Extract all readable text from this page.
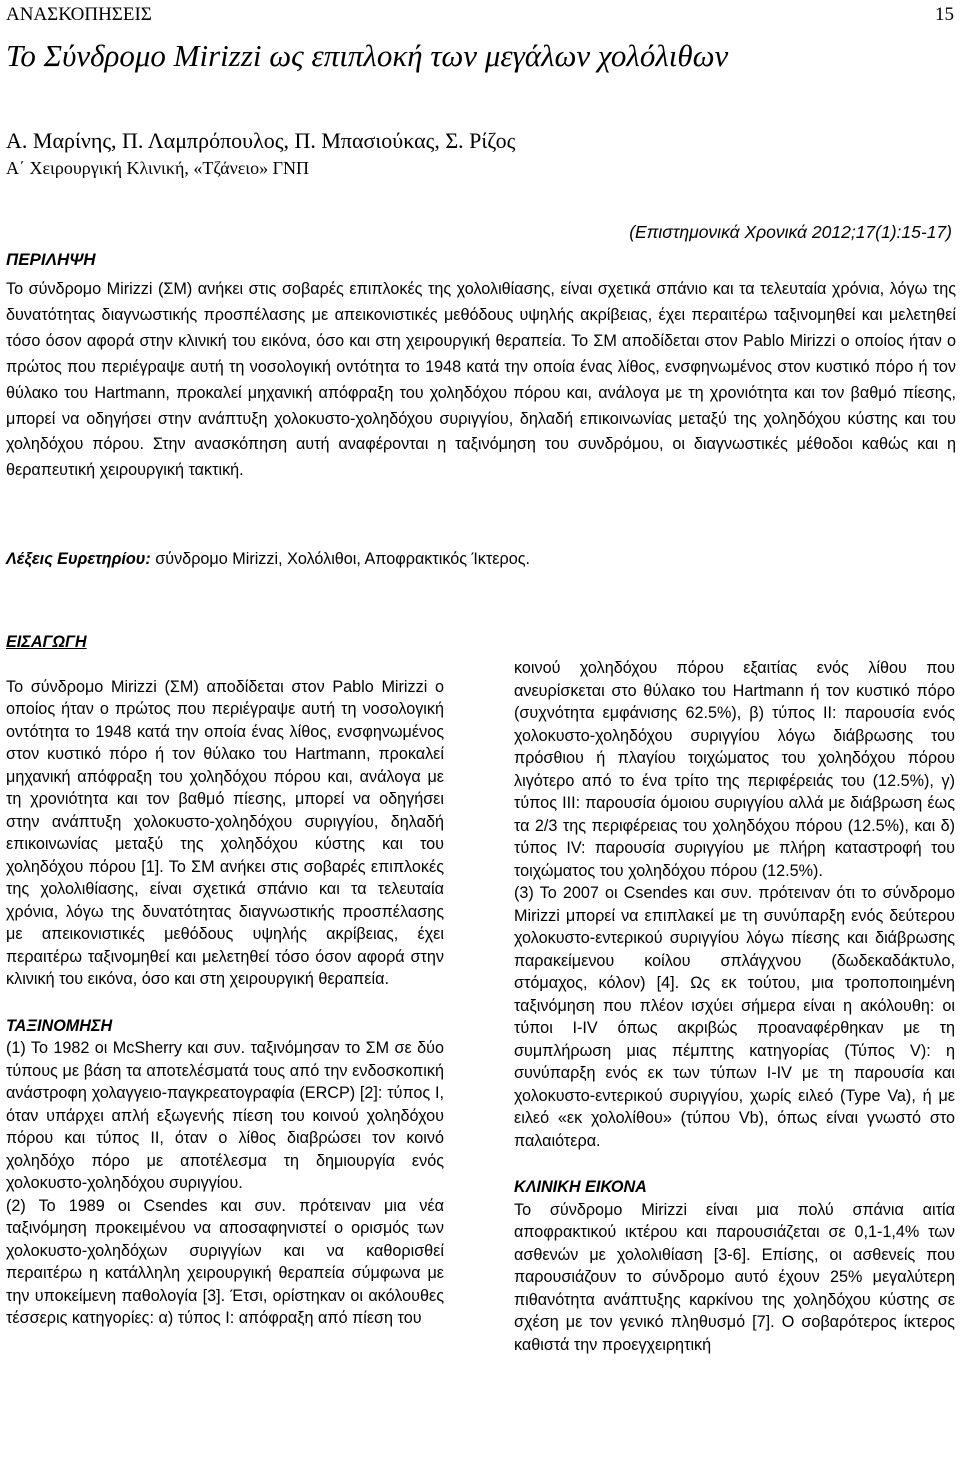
ΑΝΑΣΚΟΠΗΣΕΙΣ	15
Το Σύνδρομο Mirizzi ως επιπλοκή των μεγάλων χολόλιθων
Α. Μαρίνης, Π. Λαμπρόπουλος, Π. Μπασιούκας, Σ. Ρίζος
Α΄ Χειρουργική Κλινική, «Τζάνειο» ΓΝΠ
(Επιστημονικά Χρονικά 2012;17(1):15-17)
ΠΕΡΙΛΗΨΗ
Το σύνδρομο Mirizzi (ΣΜ) ανήκει στις σοβαρές επιπλοκές της χολολιθίασης, είναι σχετικά σπάνιο και τα τελευταία χρόνια, λόγω της δυνατότητας διαγνωστικής προσπέλασης με απεικονιστικές μεθόδους υψηλής ακρίβειας, έχει περαιτέρω ταξινομηθεί και μελετηθεί τόσο όσον αφορά στην κλινική του εικόνα, όσο και στη χειρουργική θεραπεία. Το ΣΜ αποδίδεται στον Pablo Mirizzi ο οποίος ήταν ο πρώτος που περιέγραψε αυτή τη νοσολογική οντότητα το 1948 κατά την οποία ένας λίθος, ενσφηνωμένος στον κυστικό πόρο ή τον θύλακο του Hartmann, προκαλεί μηχανική απόφραξη του χοληδόχου πόρου και, ανάλογα με τη χρονιότητα και τον βαθμό πίεσης, μπορεί να οδηγήσει στην ανάπτυξη χολοκυστο-χοληδόχου συριγγίου, δηλαδή επικοινωνίας μεταξύ της χοληδόχου κύστης και του χοληδόχου πόρου. Στην ανασκόπηση αυτή αναφέρονται η ταξινόμηση του συνδρόμου, οι διαγνωστικές μέθοδοι καθώς και η θεραπευτική χειρουργική τακτική.
Λέξεις Ευρετηρίου: σύνδρομο Mirizzi, Χολόλιθοι, Αποφρακτικός Ίκτερος.

ΕΙΣΑΓΩΓΗ

Το σύνδρομο Mirizzi (ΣΜ) αποδίδεται στον Pablo Mirizzi ο οποίος ήταν ο πρώτος που περιέγραψε αυτή τη νοσολογική οντότητα το 1948 κατά την οποία ένας λίθος, ενσφηνωμένος στον κυστικό πόρο ή τον θύλακο του Hartmann, προκαλεί μηχανική απόφραξη του χοληδόχου πόρου και, ανάλογα με τη χρονιότητα και τον βαθμό πίεσης, μπορεί να οδηγήσει στην ανάπτυξη χολοκυστο-χοληδόχου συριγγίου, δηλαδή επικοινωνίας μεταξύ της χοληδόχου κύστης και του χοληδόχου πόρου [1]. Το ΣΜ ανήκει στις σοβαρές επιπλοκές της χολολιθίασης, είναι σχετικά σπάνιο και τα τελευταία χρόνια, λόγω της δυνατότητας διαγνωστικής προσπέλασης με απεικονιστικές μεθόδους υψηλής ακρίβειας, έχει περαιτέρω ταξινομηθεί και μελετηθεί τόσο όσον αφορά στην κλινική του εικόνα, όσο και στη χειρουργική θεραπεία.

ΤΑΞΙΝΟΜΗΣΗ

(1) Το 1982 οι McSherry και συν. ταξινόμησαν το ΣΜ σε δύο τύπους με βάση τα αποτελέσματά τους από την ενδοσκοπική ανάστροφη χολαγγειο-παγκρεατογραφία (ERCP) [2]: τύπος Ι, όταν υπάρχει απλή εξωγενής πίεση του κοινού χοληδόχου πόρου και τύπος ΙΙ, όταν ο λίθος διαβρώσει τον κοινό χοληδόχο πόρο με αποτέλεσμα τη δημιουργία ενός χολοκυστο-χοληδόχου συριγγίου.

(2) Το 1989 οι Csendes και συν. πρότειναν μια νέα ταξινόμηση προκειμένου να αποσαφηνιστεί ο ορισμός των χολοκυστο-χοληδόχων συριγγίων και να καθορισθεί περαιτέρω η κατάλληλη χειρουργική θεραπεία σύμφωνα με την υποκείμενη παθολογία [3]. Έτσι, ορίστηκαν οι ακόλουθες τέσσερις κατηγορίες: α) τύπος Ι: απόφραξη από πίεση του

κοινού χοληδόχου πόρου εξαιτίας ενός λίθου που ανευρίσκεται στο θύλακο του Hartmann ή τον κυστικό πόρο (συχνότητα εμφάνισης 62.5%), β) τύπος ΙΙ: παρουσία ενός χολοκυστο-χοληδόχου συριγγίου λόγω διάβρωσης του πρόσθιου ή πλαγίου τοιχώματος του χοληδόχου πόρου λιγότερο από το ένα τρίτο της περιφέρειάς του (12.5%), γ) τύπος ΙΙΙ: παρουσία όμοιου συριγγίου αλλά με διάβρωση έως τα 2/3 της περιφέρειας του χοληδόχου πόρου (12.5%), και δ) τύπος ΙV: παρουσία συριγγίου με πλήρη καταστροφή του τοιχώματος του χοληδόχου πόρου (12.5%).

(3) Το 2007 οι Csendes και συν. πρότειναν ότι το σύνδρομο Mirizzi μπορεί να επιπλακεί με τη συνύπαρξη ενός δεύτερου χολοκυστο-εντερικού συριγγίου λόγω πίεσης και διάβρωσης παρακείμενου κοίλου σπλάγχνου (δωδεκαδάκτυλο, στόμαχος, κόλον) [4]. Ως εκ τούτου, μια τροποποιημένη ταξινόμηση που πλέον ισχύει σήμερα είναι η ακόλουθη: οι τύποι Ι-IV όπως ακριβώς προαναφέρθηκαν με τη συμπλήρωση μιας πέμπτης κατηγορίας (Τύπος V): η συνύπαρξη ενός εκ των τύπων Ι-IV με τη παρουσία και χολοκυστο-εντερικού συριγγίου, χωρίς ειλεό (Type Va), ή με ειλεό «εκ χολολίθου» (τύπου Vb), όπως είναι γνωστό στο παλαιότερα.

ΚΛΙΝΙΚΗ ΕΙΚΟΝΑ

Το σύνδρομο Mirizzi είναι μια πολύ σπάνια αιτία αποφρακτικού ικτέρου και παρουσιάζεται σε 0,1-1,4% των ασθενών με χολολιθίαση [3-6]. Επίσης, οι ασθενείς που παρουσιάζουν το σύνδρομο αυτό έχουν 25% μεγαλύτερη πιθανότητα ανάπτυξης καρκίνου της χοληδόχου κύστης σε σχέση με τον γενικό πληθυσμό [7]. Ο σοβαρότερος ίκτερος καθιστά την προεγχειρητική
